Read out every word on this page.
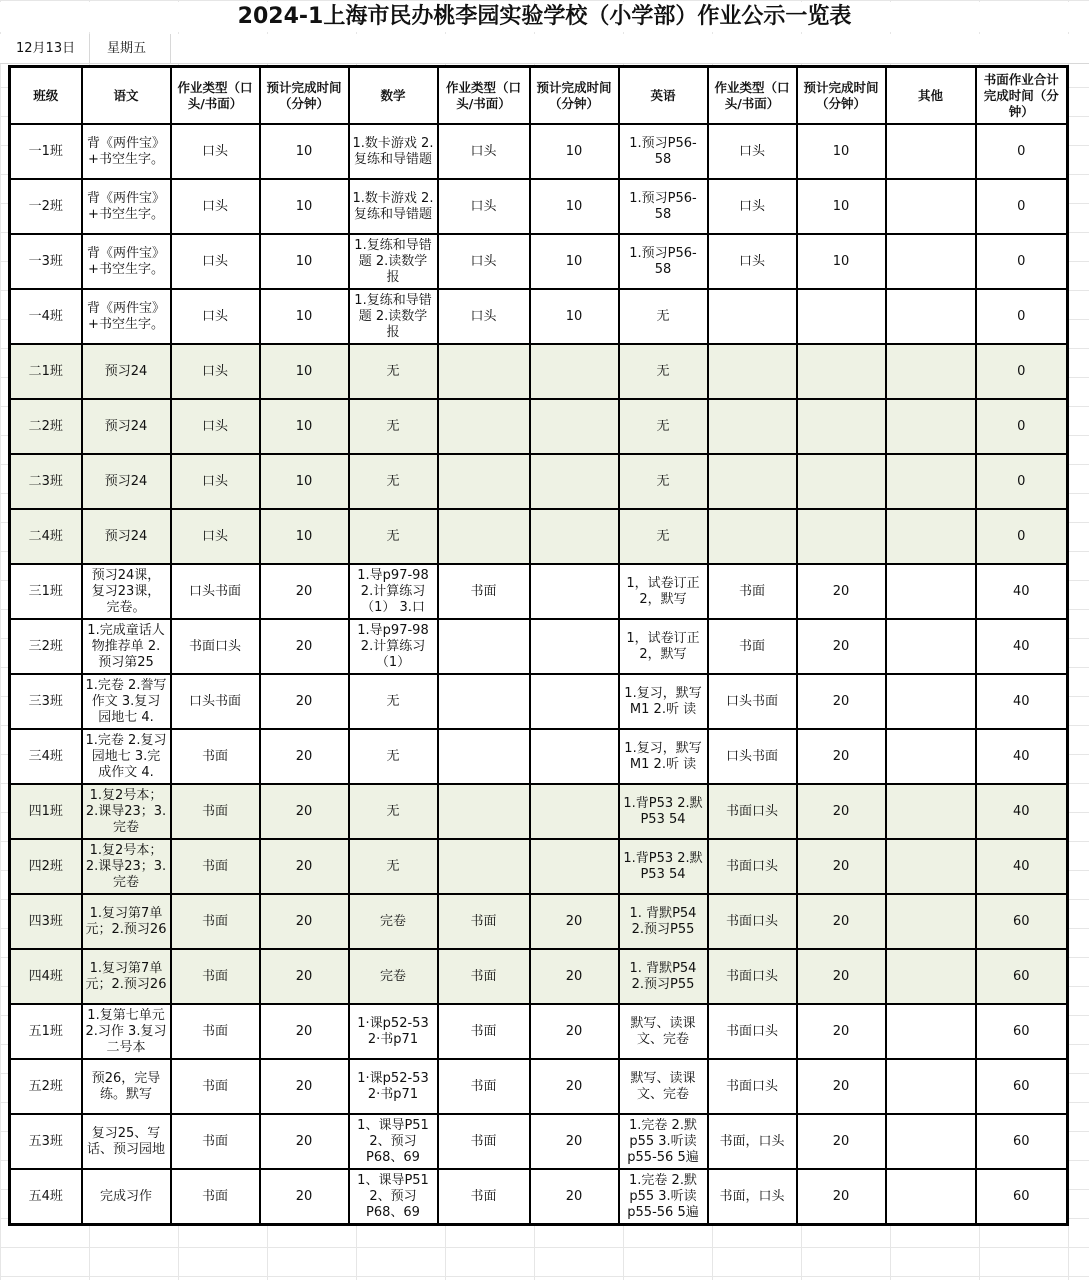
2024-1上海市民办桃李园实验学校（小学部）作业公示一览表
12月13日 星期五
班级	语文	作业类型（口头/书面）	预计完成时间（分钟）	数学	作业类型（口头/书面）	预计完成时间（分钟）	英语	作业类型（口头/书面）	预计完成时间（分钟）	其他	书面作业合计完成时间（分钟）

一1班	背《两件宝》+书空生字。	口头	10	1.数卡游戏 2.复练和导错题	口头	10	1.预习P56-58	口头	10		0

一2班	背《两件宝》+书空生字。	口头	10	1.数卡游戏 2.复练和导错题	口头	10	1.预习P56-58	口头	10		0

一3班	背《两件宝》+书空生字。	口头	10	1.复练和导错题 2.读数学报	口头	10	1.预习P56-58	口头	10		0

一4班	背《两件宝》+书空生字。	口头	10	1.复练和导错题 2.读数学报	口头	10	无				0

二1班	预习24	口头	10	无			无				0

二2班	预习24	口头	10	无			无				0

二3班	预习24	口头	10	无			无				0

二4班	预习24	口头	10	无			无				0

三1班	预习24课，复习23课，完卷。	口头书面	20	1.导p97-98 2.计算练习（1） 3.口	书面		1，试卷订正 2，默写	书面	20		40

三2班	1.完成童话人物推荐单 2.预习第25	书面口头	20	1.导p97-98 2.计算练习（1）			1，试卷订正 2，默写	书面	20		40

三3班	1.完卷 2.誊写作文 3.复习园地七 4.	口头书面	20	无			1.复习，默写M1 2.听 读	口头书面	20		40

三4班	1.完卷 2.复习园地七 3.完成作文 4.	书面	20	无			1.复习，默写M1 2.听 读	口头书面	20		40

四1班	1.复2号本；2.课导23；3.完卷	书面	20	无			1.背P53 2.默P53 54	书面口头	20		40

四2班	1.复2号本；2.课导23；3.完卷	书面	20	无			1.背P53 2.默P53 54	书面口头	20		40

四3班	1.复习第7单元；2.预习26	书面	20	完卷	书面	20	1. 背默P54 2.预习P55	书面口头	20		60

四4班	1.复习第7单元；2.预习26	书面	20	完卷	书面	20	1. 背默P54 2.预习P55	书面口头	20		60

五1班	1.复第七单元 2.习作 3.复习二号本	书面	20	1·课p52-53 2·书p71	书面	20	默写、读课文、完卷	书面口头	20		60

五2班	预26，完导练。默写	书面	20	1·课p52-53 2·书p71	书面	20	默写、读课文、完卷	书面口头	20		60

五3班	复习25、写话、预习园地	书面	20	1、课导P51 2、预习P68、69	书面	20	1.完卷 2.默p55 3.听读p55-56 5遍	书面，口头	20		60

五4班	完成习作	书面	20	1、课导P51 2、预习P68、69	书面	20	1.完卷 2.默p55 3.听读p55-56 5遍	书面，口头	20		60
